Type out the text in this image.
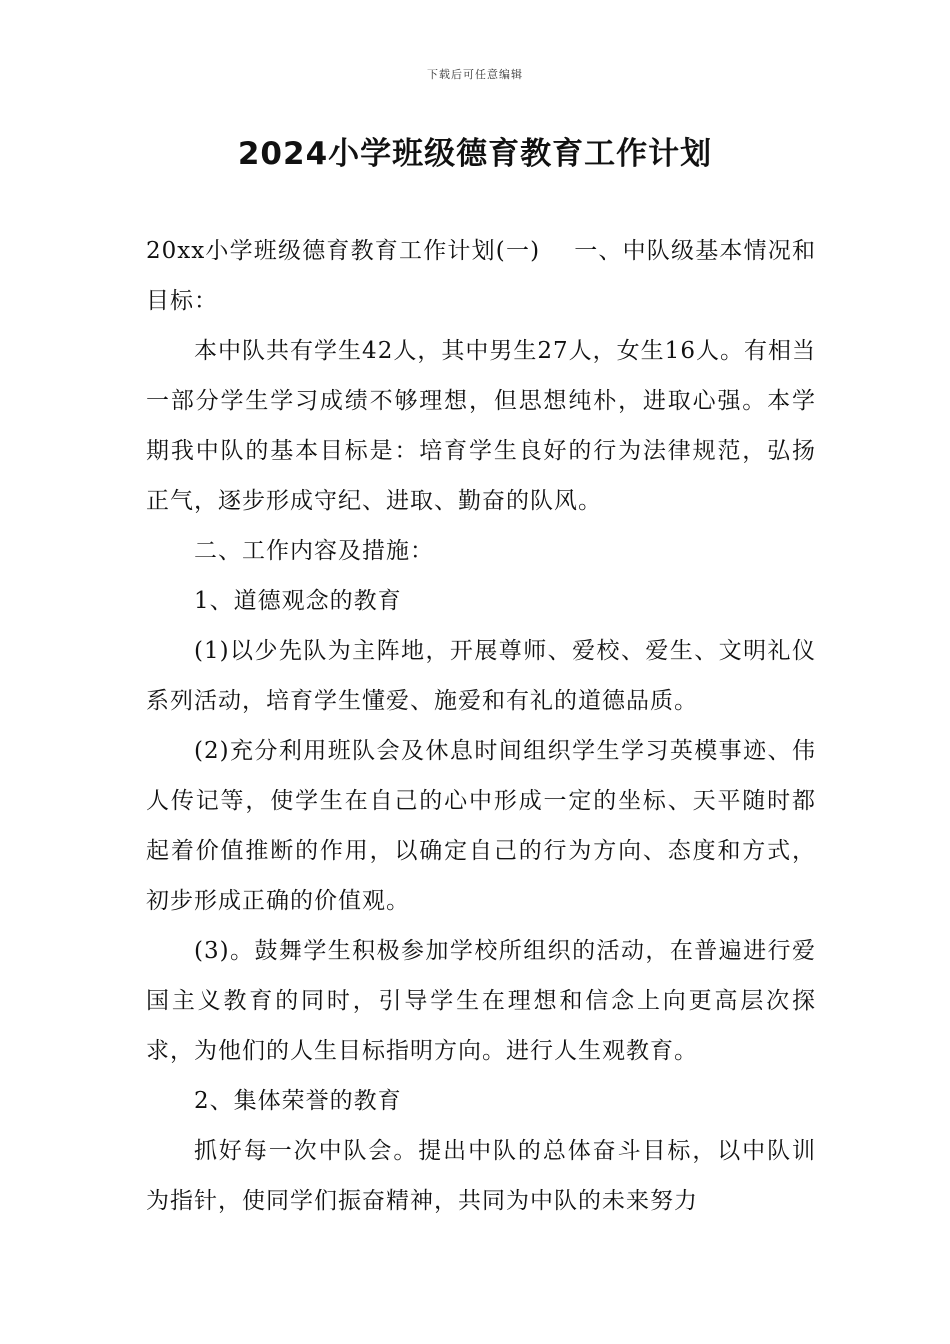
下载后可任意编辑
2024小学班级德育教育工作计划

20xx小学班级德育教育工作计划(一)    一、中队级基本情况和目标：

本中队共有学生42人，其中男生27人，女生16人。有相当一部分学生学习成绩不够理想，但思想纯朴，进取心强。本学期我中队的基本目标是：培育学生良好的行为法律规范，弘扬正气，逐步形成守纪、进取、勤奋的队风。

二、工作内容及措施：

1、道德观念的教育

(1)以少先队为主阵地，开展尊师、爱校、爱生、文明礼仪系列活动，培育学生懂爱、施爱和有礼的道德品质。

(2)充分利用班队会及休息时间组织学生学习英模事迹、伟人传记等，使学生在自己的心中形成一定的坐标、天平随时都起着价值推断的作用，以确定自己的行为方向、态度和方式，初步形成正确的价值观。

(3)。鼓舞学生积极参加学校所组织的活动，在普遍进行爱国主义教育的同时，引导学生在理想和信念上向更高层次探求，为他们的人生目标指明方向。进行人生观教育。

2、集体荣誉的教育

抓好每一次中队会。提出中队的总体奋斗目标，以中队训为指针，使同学们振奋精神，共同为中队的未来努力
